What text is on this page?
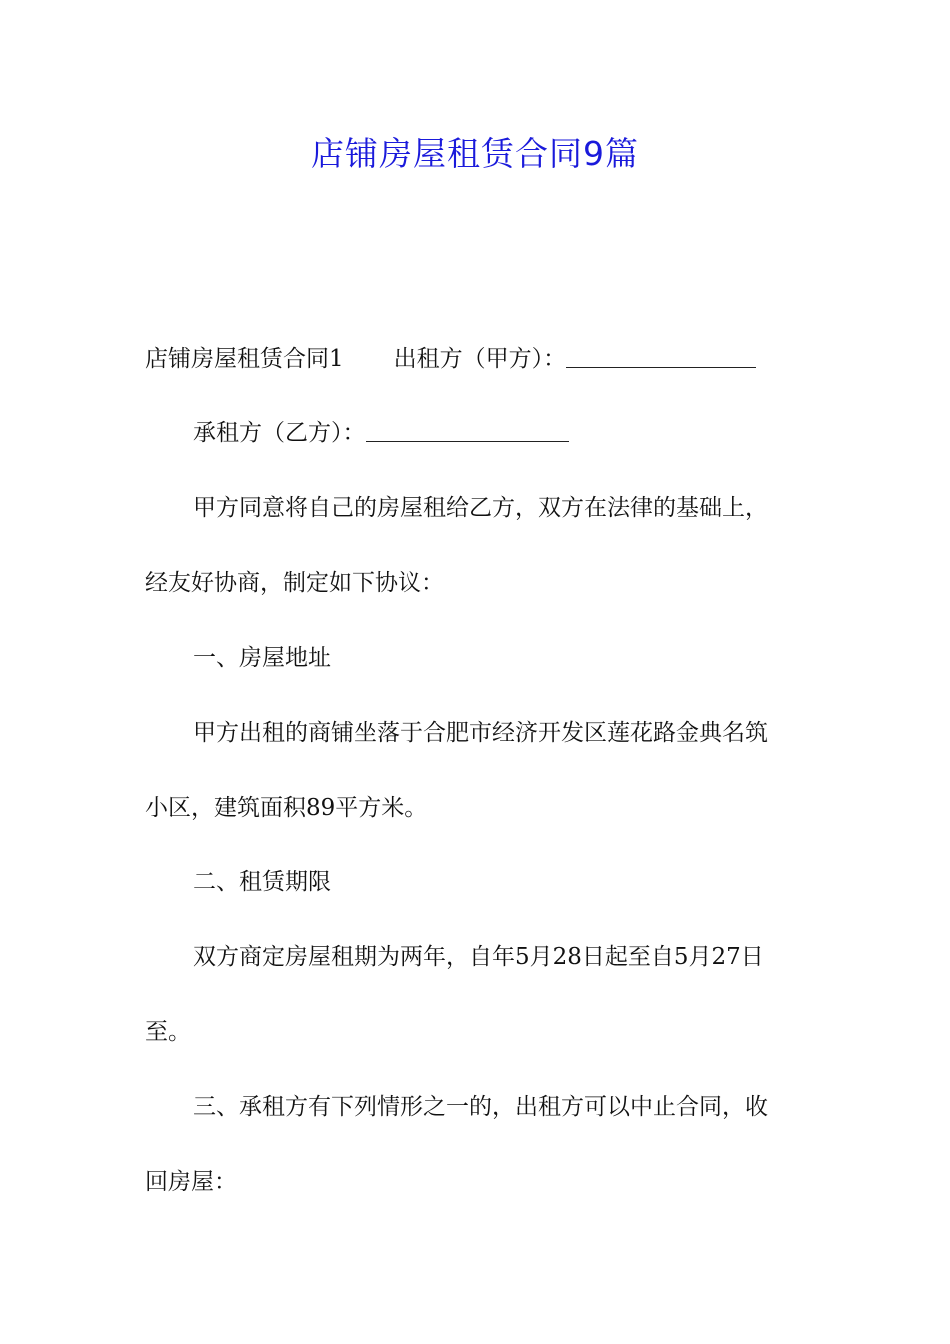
店铺房屋租赁合同9篇

店铺房屋租赁合同1 出租方（甲方）：

承租方（乙方）：

甲方同意将自己的房屋租给乙方，双方在法律的基础上，

经友好协商，制定如下协议：

一、房屋地址

甲方出租的商铺坐落于合肥市经济开发区莲花路金典名筑

小区，建筑面积89平方米。

二、租赁期限

双方商定房屋租期为两年，自年5月28日起至自5月27日

至。

三、承租方有下列情形之一的，出租方可以中止合同，收

回房屋：
